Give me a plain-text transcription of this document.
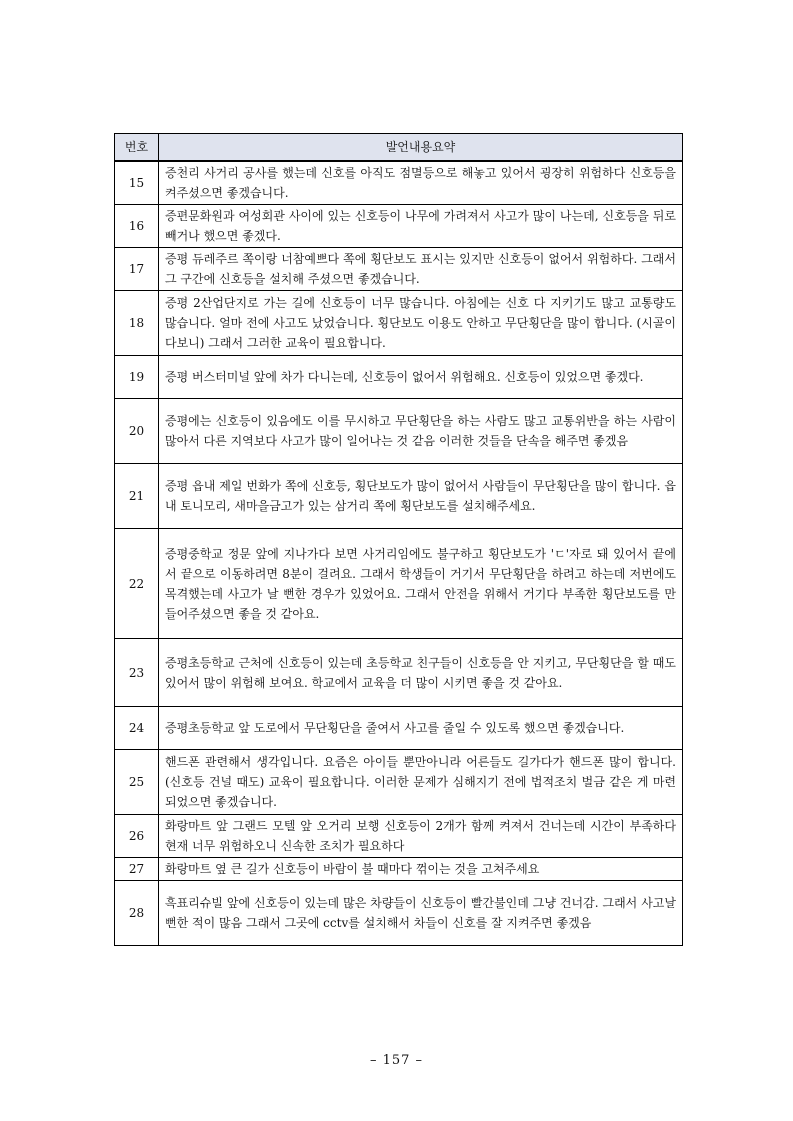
번호	발언내용요약
15	증천리 사거리 공사를 했는데 신호를 아직도 점멸등으로 해놓고 있어서 굉장히 위험하다 신호등을 켜주셨으면 좋겠습니다.
16	증편문화원과 여성회관 사이에 있는 신호등이 나무에 가려져서 사고가 많이 나는데, 신호등을 뒤로 빼거나 했으면 좋겠다.
17	증평 듀레주르 쪽이랑 너참예쁘다 쪽에 횡단보도 표시는 있지만 신호등이 없어서 위험하다. 그래서 그 구간에 신호등을 설치해 주셨으면 좋겠습니다.
18	증평 2산업단지로 가는 길에 신호등이 너무 많습니다. 아침에는 신호 다 지키기도 많고 교통량도 많습니다. 얼마 전에 사고도 났었습니다. 횡단보도 이용도 안하고 무단횡단을 많이 합니다. (시골이다보니) 그래서 그러한 교육이 필요합니다.
19	증평 버스터미널 앞에 차가 다니는데, 신호등이 없어서 위험해요. 신호등이 있었으면 좋겠다.
20	증평에는 신호등이 있음에도 이를 무시하고 무단횡단을 하는 사람도 많고 교통위반을 하는 사람이 많아서 다른 지역보다 사고가 많이 일어나는 것 같음 이러한 것들을 단속을 해주면 좋겠음
21	증평 읍내 제일 번화가 쪽에 신호등, 횡단보도가 많이 없어서 사람들이 무단횡단을 많이 합니다. 읍내 토니모리, 새마을금고가 있는 삼거리 쪽에 횡단보도를 설치해주세요.
22	증평중학교 정문 앞에 지나가다 보면 사거리임에도 불구하고 횡단보도가 'ㄷ'자로 돼 있어서 끝에서 끝으로 이동하려면 8분이 걸려요. 그래서 학생들이 거기서 무단횡단을 하려고 하는데 저번에도 목격했는데 사고가 날 뻔한 경우가 있었어요. 그래서 안전을 위해서 거기다 부족한 횡단보도를 만들어주셨으면 좋을 것 같아요.
23	증평초등학교 근처에 신호등이 있는데 초등학교 친구들이 신호등을 안 지키고, 무단횡단을 할 때도 있어서 많이 위험해 보여요. 학교에서 교육을 더 많이 시키면 좋을 것 같아요.
24	증평초등학교 앞 도로에서 무단횡단을 줄여서 사고를 줄일 수 있도록 했으면 좋겠습니다.
25	핸드폰 관련해서 생각입니다. 요즘은 아이들 뿐만아니라 어른들도 길가다가 핸드폰 많이 합니다.(신호등 건널 때도) 교육이 필요합니다. 이러한 문제가 심해지기 전에 법적조치 벌금 같은 게 마련되었으면 좋겠습니다.
26	화랑마트 앞 그랜드 모텔 앞 오거리 보행 신호등이 2개가 함께 켜져서 건너는데 시간이 부족하다 현재 너무 위험하오니 신속한 조치가 필요하다
27	화랑마트 옆 큰 길가 신호등이 바람이 불 때마다 꺾이는 것을 고쳐주세요
28	흑표리슈빌 앞에 신호등이 있는데 많은 차량들이 신호등이 빨간불인데 그냥 건너감. 그래서 사고날 뻔한 적이 많음 그래서 그곳에 cctv를 설치해서 차들이 신호를 잘 지켜주면 좋겠음
– 157 –
